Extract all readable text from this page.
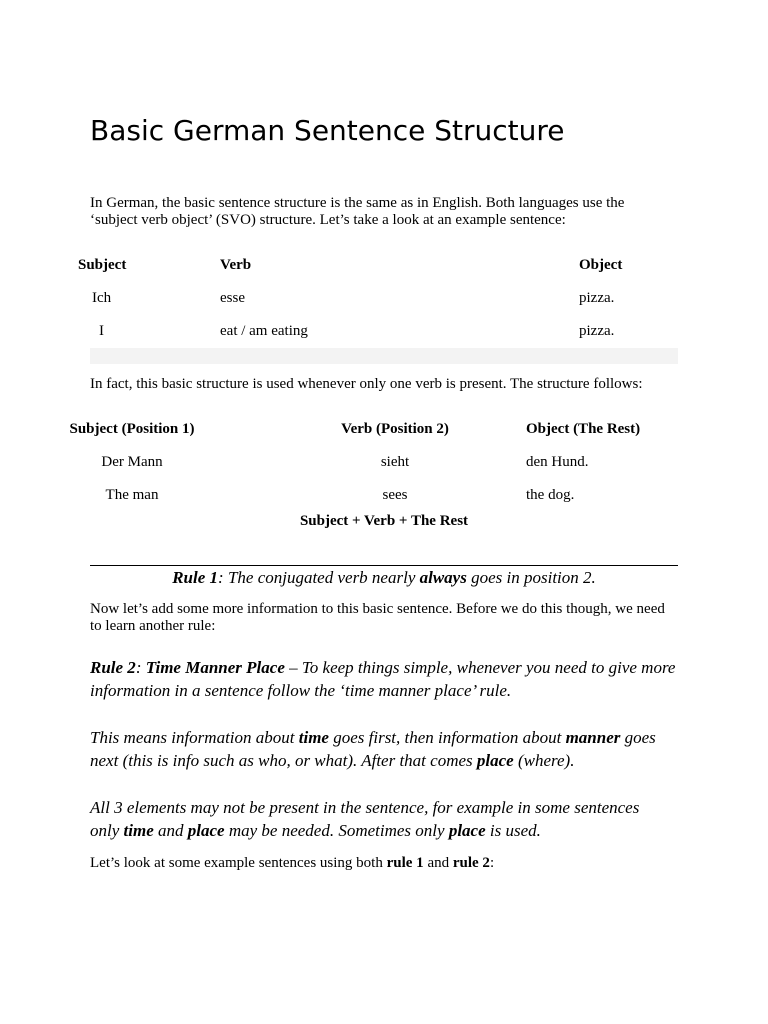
Basic German Sentence Structure
In German, the basic sentence structure is the same as in English. Both languages use the
‘subject verb object’ (SVO) structure. Let’s take a look at an example sentence:
Subject	Verb	Object
Ich	esse	pizza.
I	eat / am eating	pizza.
In fact, this basic structure is used whenever only one verb is present. The structure follows:
Subject (Position 1)	Verb (Position 2)	Object (The Rest)
Der Mann	sieht	den Hund.
The man	sees	the dog.
Subject + Verb + The Rest
Rule 1: The conjugated verb nearly always goes in position 2.
Now let’s add some more information to this basic sentence. Before we do this though, we need
to learn another rule:
Rule 2: Time Manner Place – To keep things simple, whenever you need to give more
information in a sentence follow the ‘time manner place’ rule.
This means information about time goes first, then information about manner goes
next (this is info such as who, or what). After that comes place (where).
All 3 elements may not be present in the sentence, for example in some sentences
only time and place may be needed. Sometimes only place is used.
Let’s look at some example sentences using both rule 1 and rule 2:
